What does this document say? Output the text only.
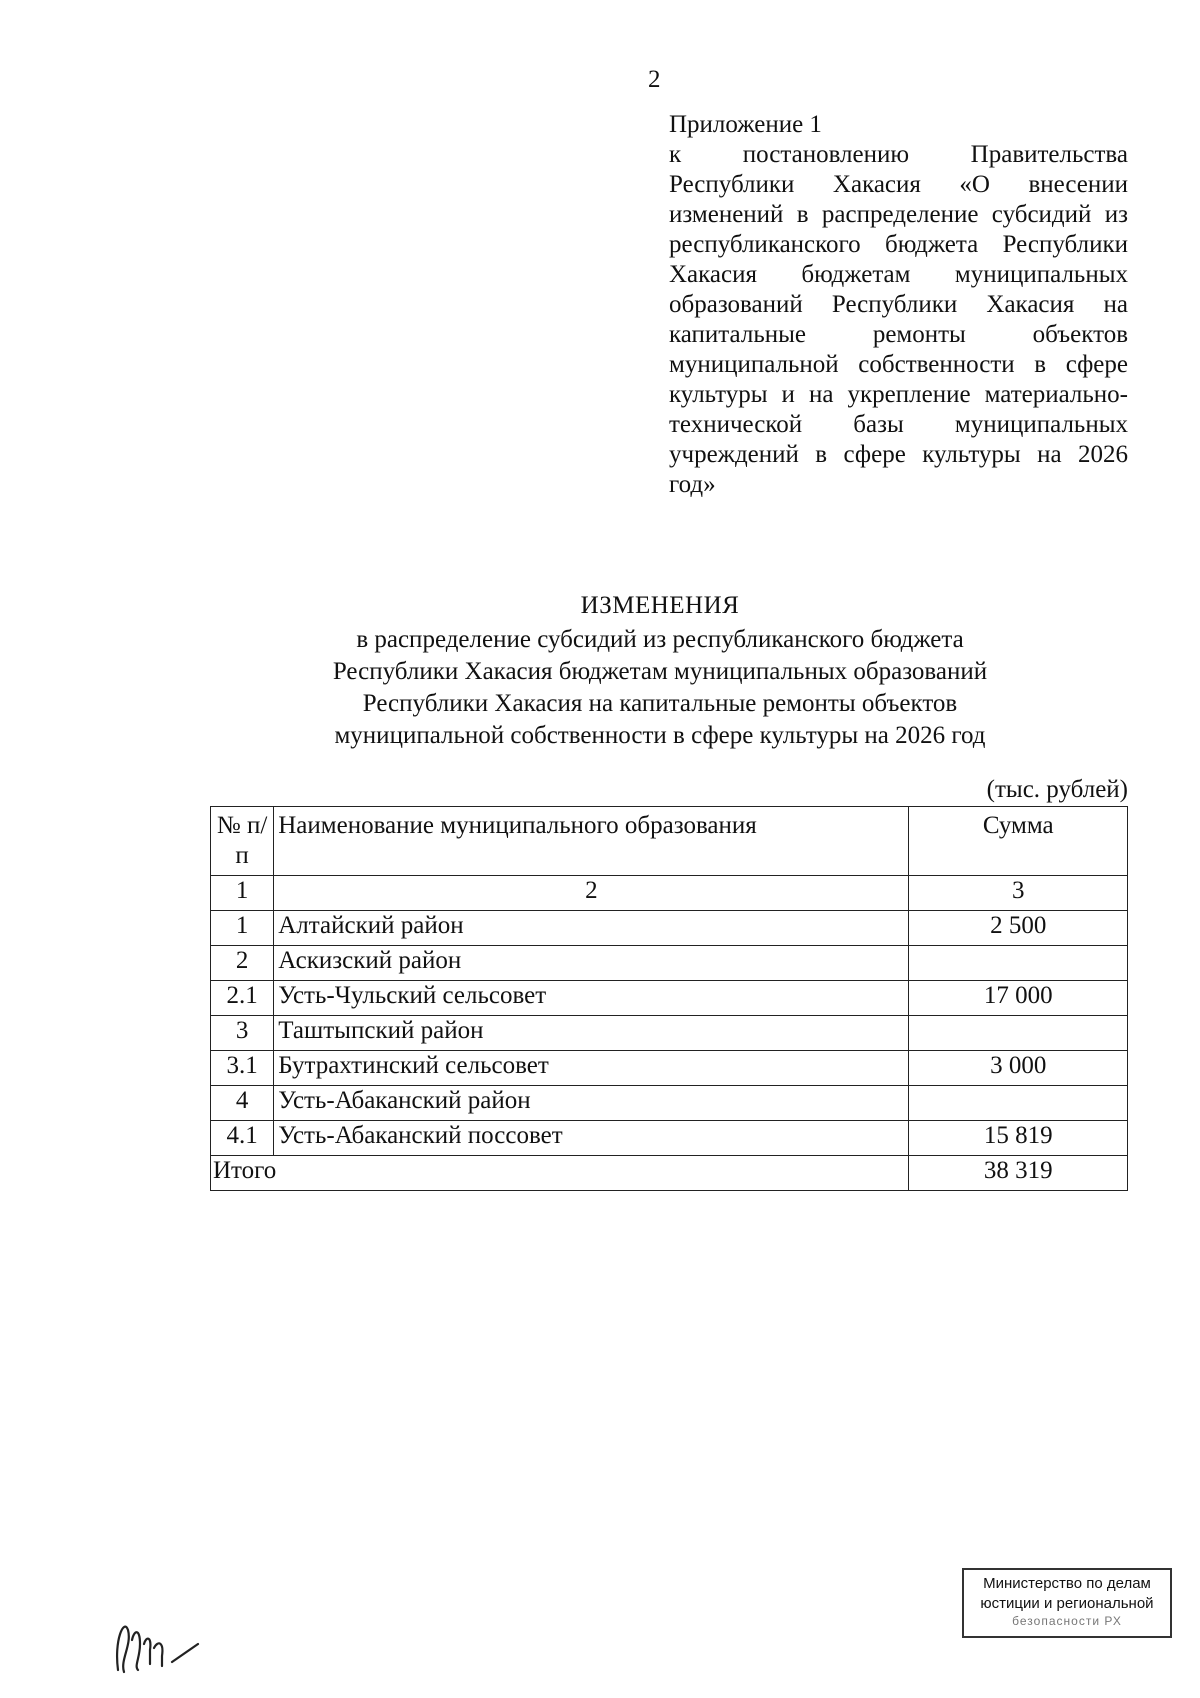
2
Приложение 1
к постановлению Правительства Республики Хакасия «О внесении изменений в распределение субсидий из республиканского бюджета Республики Хакасия бюджетам муниципальных образований Республики Хакасия на капитальные ремонты объектов муниципальной собственности в сфере культуры и на укрепление материально-технической базы муниципальных учреждений в сфере культуры на 2026 год»
ИЗМЕНЕНИЯ
в распределение субсидий из республиканского бюджета
Республики Хакасия бюджетам муниципальных образований
Республики Хакасия на капитальные ремонты объектов
муниципальной собственности в сфере культуры на 2026 год
(тыс. рублей)
№ п/п	Наименование муниципального образования	Сумма
1	2	3
1	Алтайский район	2 500
2	Аскизский район	
2.1	Усть-Чульский сельсовет	17 000
3	Таштыпский район	
3.1	Бутрахтинский сельсовет	3 000
4	Усть-Абаканский район	
4.1	Усть-Абаканский поссовет	15 819
Итого		38 319
Министерство по делам
юстиции и региональной
безопасности РХ
